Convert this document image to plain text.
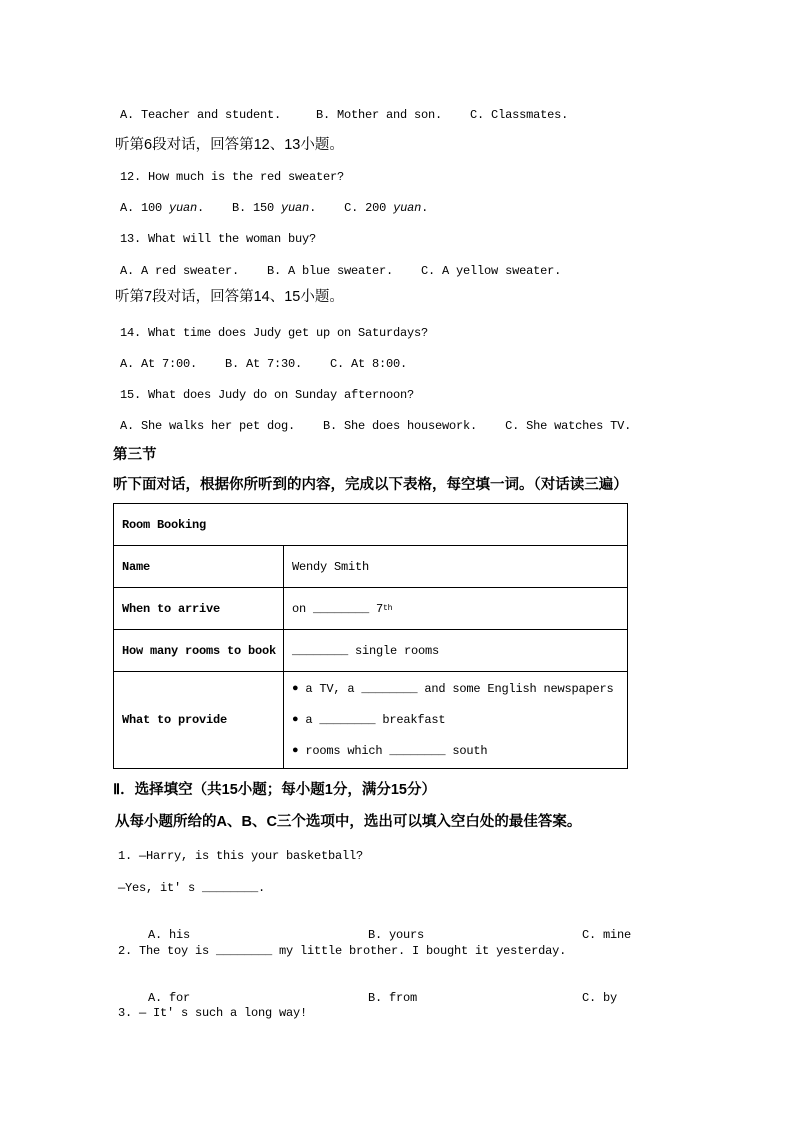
A. Teacher and student.     B. Mother and son.    C. Classmates.
听第6段对话，回答第12、13小题。
12. How much is the red sweater?
A. 100 yuan.    B. 150 yuan.    C. 200 yuan.
13. What will the woman buy?
A. A red sweater.    B. A blue sweater.    C. A yellow sweater.
听第7段对话，回答第14、15小题。
14. What time does Judy get up on Saturdays?
A. At 7:00.    B. At 7:30.    C. At 8:00.
15. What does Judy do on Sunday afternoon?
A. She walks her pet dog.    B. She does housework.    C. She watches TV.
第三节
听下面对话，根据你所听到的内容，完成以下表格，每空填一词。（对话读三遍）
Room Booking
Name	Wendy Smith
When to arrive	on ________ 7 th
How many rooms to book	________ single rooms
What to provide
● a TV, a ________ and some English newspapers
● a ________ breakfast
● rooms which ________ south
Ⅱ．选择填空（共15小题；每小题1分，满分15分）
从每小题所给的A、B、C三个选项中，选出可以填入空白处的最佳答案。
1. —Harry, is this your basketball?
—Yes, it' s ________.

A. his	B. yours	C. mine

2. The toy is ________ my little brother. I bought it yesterday.

A. for	B. from	C. by

3. — It' s such a long way!
